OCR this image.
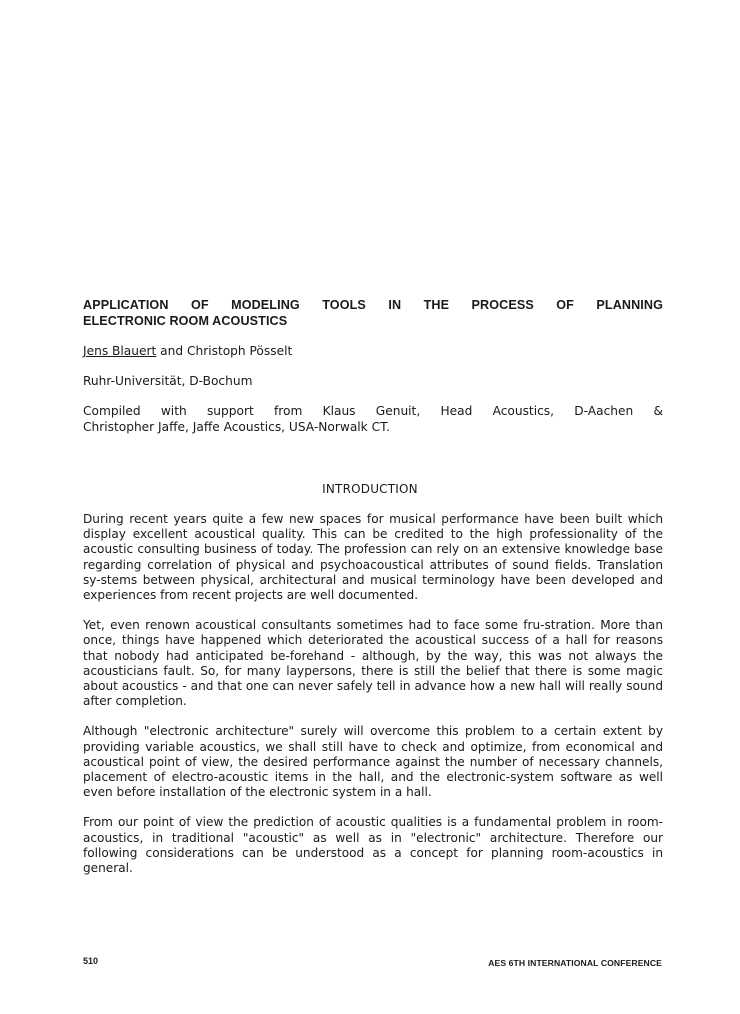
APPLICATION OF MODELING TOOLS IN THE PROCESS OF PLANNING
ELECTRONIC ROOM ACOUSTICS
Jens Blauert and Christoph Pösselt
Ruhr-Universität, D-Bochum
Compiled with support from Klaus Genuit, Head Acoustics, D-Aachen &
Christopher Jaffe, Jaffe Acoustics, USA-Norwalk CT.
INTRODUCTION

During recent years quite a few new spaces for musical performance have been built which display excellent acoustical quality. This can be credited to the high professionality of the acoustic consulting business of today. The profession can rely on an extensive knowledge base regarding correlation of physical and psychoacoustical attributes of sound fields. Translation sy-stems between physical, architectural and musical terminology have been developed and experiences from recent projects are well documented.

Yet, even renown acoustical consultants sometimes had to face some fru-stration. More than once, things have happened which deteriorated the acoustical success of a hall for reasons that nobody had anticipated be-forehand - although, by the way, this was not always the acousticians fault. So, for many laypersons, there is still the belief that there is some magic about acoustics - and that one can never safely tell in advance how a new hall will really sound after completion.

Although "electronic architecture" surely will overcome this problem to a certain extent by providing variable acoustics, we shall still have to check and optimize, from economical and acoustical point of view, the desired performance against the number of necessary channels, placement of electro-acoustic items in the hall, and the electronic-system software as well even before installation of the electronic system in a hall.

From our point of view the prediction of acoustic qualities is a fundamental problem in room-acoustics, in traditional "acoustic" as well as in "electronic" architecture. Therefore our following considerations can be understood as a concept for planning room-acoustics in general.

510	AES 6TH INTERNATIONAL CONFERENCE
